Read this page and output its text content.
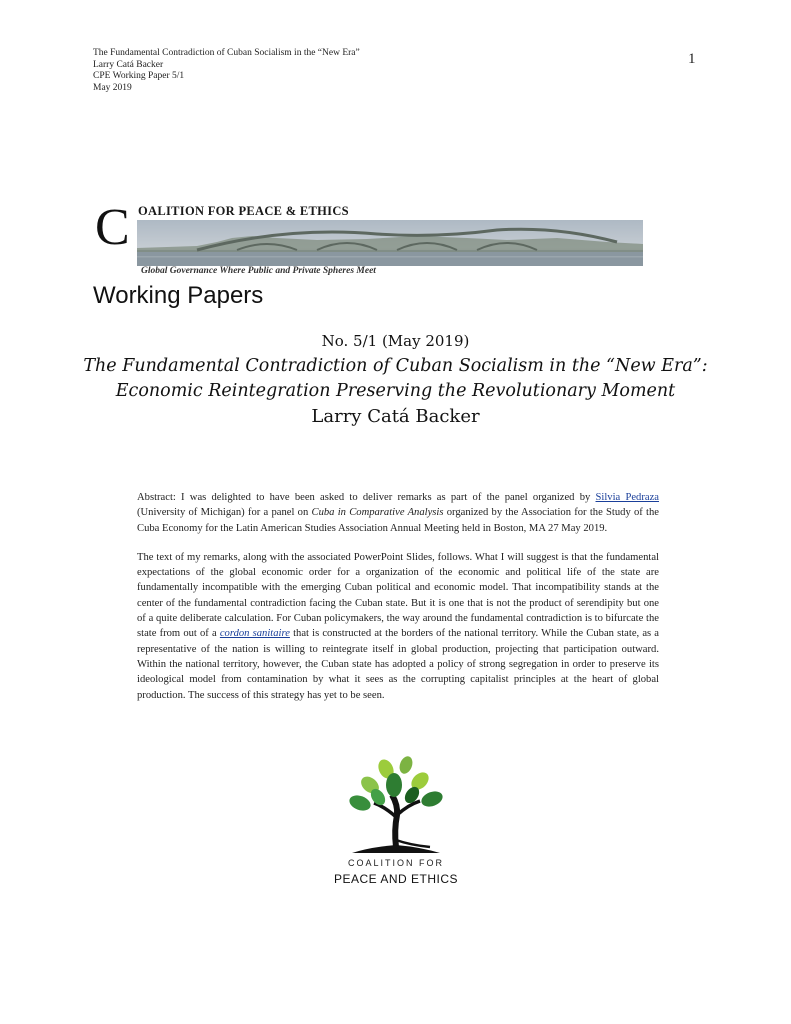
The Fundamental Contradiction of Cuban Socialism in the “New Era”
Larry Catá Backer
CPE Working Paper 5/1
May 2019
1
C OALITION FOR PEACE & ETHICS
Global Governance Where Public and Private Spheres Meet
Working Papers
No. 5/1 (May 2019)
The Fundamental Contradiction of Cuban Socialism in the “New Era”: Economic Reintegration Preserving the Revolutionary Moment
Larry Catá Backer

Abstract: I was delighted to have been asked to deliver remarks as part of the panel organized by Silvia Pedraza (University of Michigan) for a panel on Cuba in Comparative Analysis organized by the Association for the Study of the Cuba Economy for the Latin American Studies Association Annual Meeting held in Boston, MA 27 May 2019.

The text of my remarks, along with the associated PowerPoint Slides, follows. What I will suggest is that the fundamental expectations of the global economic order for a organization of the economic and political life of the state are fundamentally incompatible with the emerging Cuban political and economic model. That incompatibility stands at the center of the fundamental contradiction facing the Cuban state. But it is one that is not the product of serendipity but one of a quite deliberate calculation. For Cuban policymakers, the way around the fundamental contradiction is to bifurcate the state from out of a cordon sanitaire that is constructed at the borders of the national territory. While the Cuban state, as a representative of the nation is willing to reintegrate itself in global production, projecting that participation outward. Within the national territory, however, the Cuban state has adopted a policy of strong segregation in order to preserve its ideological model from contamination by what it sees as the corrupting capitalist principles at the heart of global production. The success of this strategy has yet to be seen.

COALITION FOR
PEACE AND ETHICS
